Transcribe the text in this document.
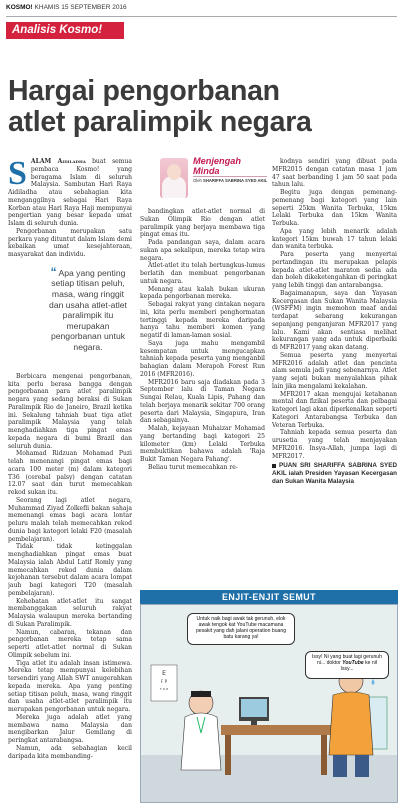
KOSMO! KHAMIS 15 SEPTEMBER 2016
Analisis Kosmo!
Hargai pengorbanan
atlet paralimpik negara

SALAM Aidiladha buat semua pembaca Kosmo! yang beragama Islam di seluruh Malaysia. Sambutan Hari Raya Aidiladha atau sebahagian kita menganggilnya sebagai Hari Raya Korban atau Hari Raya Haji mempunyai pengertian yang besar kepada umat Islam di seluruh dunia.

Pengorbanan merupakan satu perkara yang dituntut dalam Islam demi kebaikan umat kesejahteraan, masyarakat dan individu.

“ Apa yang penting setiap titisan peluh, masa, wang ringgit dan usaha atlet-atlet paralimpik itu merupakan pengorbanan untuk negara.

Berbicara mengenai pengorbanan, kita perlu berasa bangga dengan pengorbanan para atlet paralimpik negara yang sedang beraksi di Sukan Paralimpik Rio de Janeiro, Brazil ketika ini. Sekalung tahniah buat tiga atlet paralimpik Malaysia yang telah menghadiahkan tiga pingat emas kepada negara di bumi Brazil dan seluruh dunia.

Mohamad Ridzuan Mohamad Puzi telah menenangi pingat emas bagi acara 100 meter (m) dalam kategori T36 (cerebal palsy) dengan catatan 12.07 saat dan turut memecahkan rekod sukan itu.

Seorang lagi atlet negara, Muhammad Ziyad Zolkefli bakan sahaja memenangi emas bagi acara lontar peluru malah telah memecahkan rekod dunia bagi kategori lelaki F20 (masalah pembelajaran).

Tidak tidak ketinggalan menghadiahkan pingat emas buat Malaysia ialah Abdul Latif Romly yang memecahkan rekod dunia dalam kejohanan tersebut dalam acara lompat jauh bagi kategori T20 (masalah pembelajaran).

Kehebatan atlet-atlet itu sangat membanggakan seluruh rakyat Malaysia walaupun mereka bertanding di Sukan Paralimpik.

Namun, cabaran, tekanan dan pengorbanan mereka tetap sama seperti atlet-atlet normal di Sukan Olimpik sebelum ini.

Tiga atlet itu adalah insan istimewa. Mereka tetap mempunyai kelebihan tersendiri yang Allah SWT anugerahkan kepada mereka. Apa yang penting setiap titisan peluh, masa, wang ringgit dan usaha atlet-atlet paralimpik itu merupakan pengorbanan untuk negara.

Mereka juga adalah atlet yang membawa nama Malaysia dan mengibarkan Jalur Gemilang di peringkat antarabangsa.

Namun, ada sebahagian kecil daripada kita membanding-

Menjengah
Minda
Oleh SHARIFFA SABRINA SYED AKIL

bandingkan atlet-atlet normal di Sukan Olimpik Rio dengan atlet paralimpik yang berjaya membawa tiga pingat emas itu.

Pada pandangan saya, dalam acara sukan apa sekalipun, mereka tetap wira negara.

Atlet-atlet itu telah bertungkus-lumus berlatih dan membuat pengorbanan untuk negara.

Menang atau kalah bukan ukuran kepada pengorbanan mereka.

Sebagai rakyat yang cintakan negara ini, kita perlu memberi penghormatan tertinggi kepada mereka daripada hanya tahu memberi komen yang negatif di laman-laman sosial.

Saya juga mahu mengambil kesempatan untuk mengucapkan tahniah kepada peserta yang menganbil bahagian dalam Merapoh Forest Run 2016 (MFR2016).

MFR2016 baru saja diadakan pada 3 September lalu di Taman Negara Sungai Relau, Kuala Lipis, Pahang dan telah berjaya menarik sekitar 700 orang peserta dari Malaysia, Singapura, Iran dan sebagainya.

Malah, kejayaan Muhaizar Mohamad yang bertanding bagi kategori 25 kilometer (km) Lelaki Terbuka membuktikan bahawa adalah 'Raja Bukit Taman Negara Pahang'.

Beliau turut memecahkan re-

kodnya sendiri yang dibuat pada MFR2015 dengan catatan masa 1 jam 47 saat berbanding 1 jam 50 saat pada tahun lalu.

Begitu juga dengan pemenang-pemenang bagi kategori yang lain seperti 25km Wanita Terbuka, 15km Lelaki Terbuka dan 15km Wanita Terbuka.

Apa yang lebih menarik adalah kategori 15km buwah 17 tahun lelaki dan wanita terbuka.

Para peserta yang menyertai pertandingan itu merupakan pelapis kepada atlet-atlet maraton sedia ada dan boleh dikeketengahkan di peringkat yang lebih tinggi dan antarabangsa.

Bagaimanapun, saya dan Yayasan Kecergasan dan Sukan Wanita Malaysia (WSFFM) ingin memohon maaf andai terdapat sebarang kekurangan sepanjang penganjuran MFR2017 yang lalu. Kami akan sentiasa melihat kekurangan yang ada untuk diperbaiki di MFR2017 yang akan datang.

Semua peserta yang menyertai MFR2016 adalah atlet dan pencinta alam semula jadi yang sebenarnya. Atlet yang sejati bukan menyalahkan pihak lain jika mengalami kekalahan.

MFR2017 akan mengujai ketahanan mental dan fizikal peserta dan pelbagai kategori lagi akan diperkenalkan seperti Kategori Antarabangsa Terbuka dan Veteran Terbuka.

Tahniah kepada semua peserta dan urusetia yang telah menjayakan MFR2016. Insya-Allah, jumpa lagi di MFR2017.

PUAN SRI SHARIFFA SABRINA SYED AKIL ialah Presiden Yayasan Kecergasan dan Sukan Wanita Malaysia

ENJIT-ENJIT SEMUT
E
F P
T O Z
Untuk naik bagi awak tak gerunuh, elok awak tengok kat YouTube macamana pesakit yang dah jalani operation buang batu karang ya!
Issy! Ni yang buat lagi gerunuh ni... doktor YouTube ke nil Issy...
